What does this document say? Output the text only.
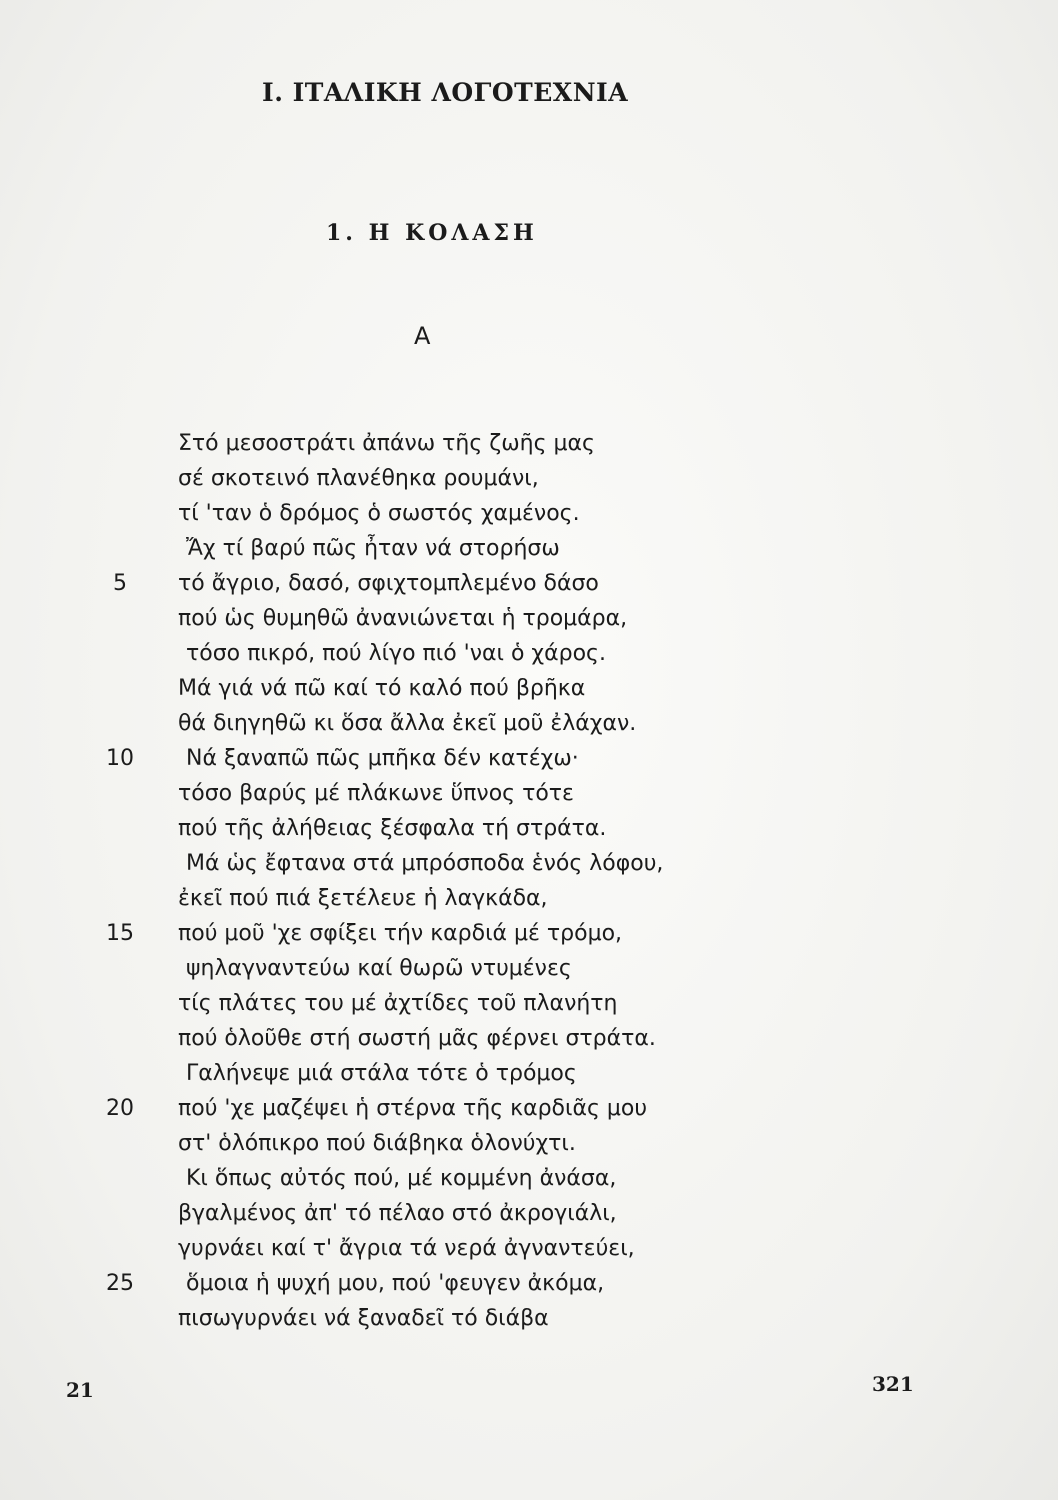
I. ΙΤΑΛΙΚΗ ΛΟΓΟΤΕΧΝΙΑ
1. Η ΚΟΛΑΣΗ
Α
Στό μεσοστράτι ἀπάνω τῆς ζωῆς μας
σέ σκοτεινό πλανέθηκα ρουμάνι,
τί 'ταν ὁ δρόμος ὁ σωστός χαμένος.
Ἄχ τί βαρύ πῶς ἦταν νά στορήσω
5	τό ἄγριο, δασό, σφιχτομπλεμένο δάσο
πού ὡς θυμηθῶ ἀνανιώνεται ἡ τρομάρα,
τόσο πικρό, πού λίγο πιό 'ναι ὁ χάρος.
Μά γιά νά πῶ καί τό καλό πού βρῆκα
θά διηγηθῶ κι ὅσα ἄλλα ἐκεῖ μοῦ ἐλάχαν.
10 Νά ξαναπῶ πῶς μπῆκα δέν κατέχω·
τόσο βαρύς μέ πλάκωνε ὕπνος τότε
πού τῆς ἀλήθειας ξέσφαλα τή στράτα.
Μά ὡς ἔφτανα στά μπρόσποδα ἑνός λόφου,
ἐκεῖ πού πιά ξετέλευε ἡ λαγκάδα,
15 πού μοῦ 'χε σφίξει τήν καρδιά μέ τρόμο,
ψηλαγναντεύω καί θωρῶ ντυμένες
τίς πλάτες του μέ ἀχτίδες τοῦ πλανήτη
πού ὁλοῦθε στή σωστή μᾶς φέρνει στράτα.
Γαλήνεψε μιά στάλα τότε ὁ τρόμος
20 πού 'χε μαζέψει ἡ στέρνα τῆς καρδιᾶς μου
στ' ὁλόπικρο πού διάβηκα ὁλονύχτι.
Κι ὅπως αὐτός πού, μέ κομμένη ἀνάσα,
βγαλμένος ἀπ' τό πέλαο στό ἀκρογιάλι,
γυρνάει καί τ' ἄγρια τά νερά ἀγναντεύει,
25 ὅμοια ἡ ψυχή μου, πού 'φευγεν ἀκόμα,
πισωγυρνάει νά ξαναδεῖ τό διάβα
21	321
